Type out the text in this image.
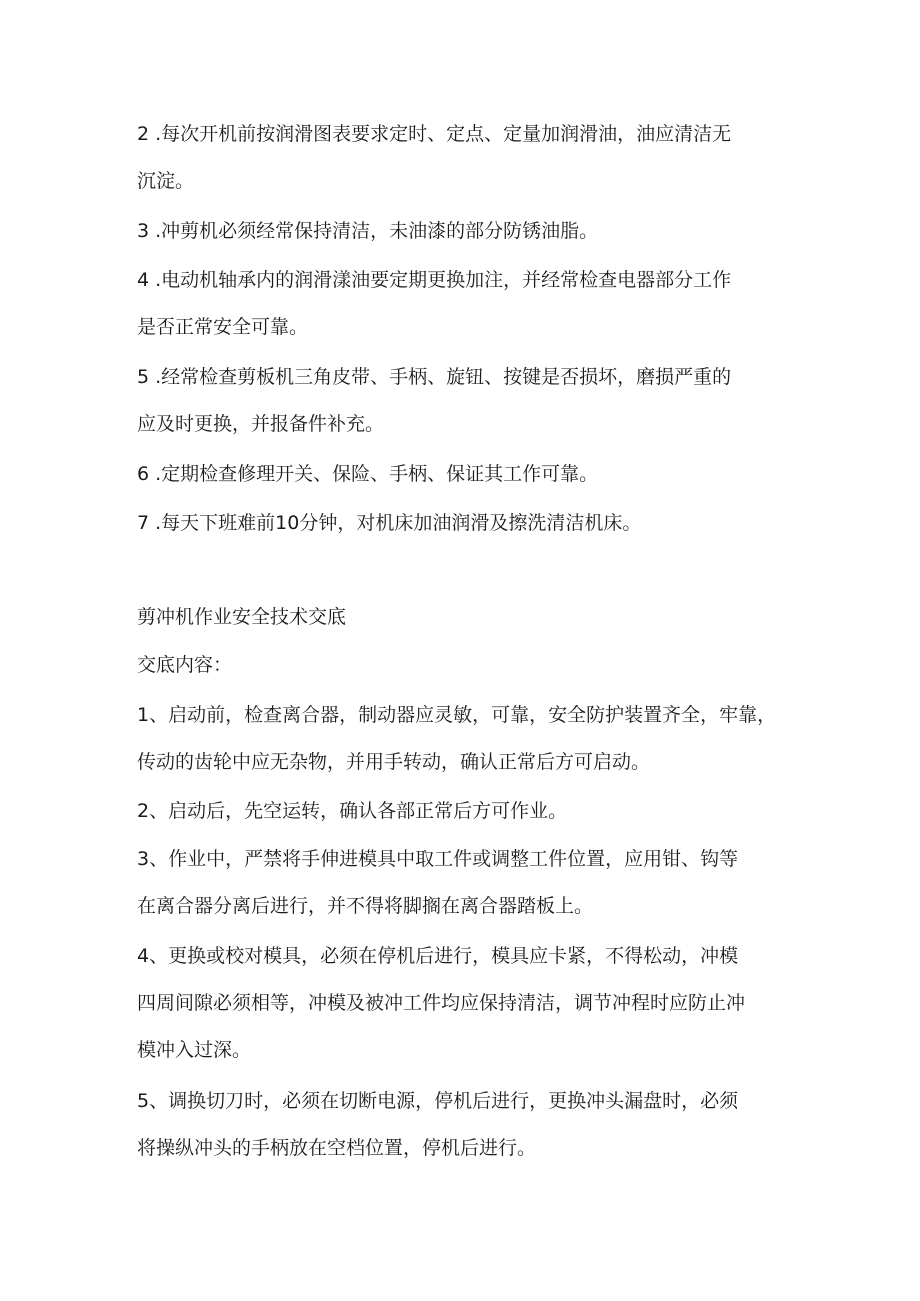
2 .每次开机前按润滑图表要求定时、定点、定量加润滑油，油应清洁无
沉淀。

3 .冲剪机必须经常保持清洁，未油漆的部分防锈油脂。

4 .电动机轴承内的润滑漾油要定期更换加注，并经常检查电器部分工作
是否正常安全可靠。

5 .经常检查剪板机三角皮带、手柄、旋钮、按键是否损坏，磨损严重的
应及时更换，并报备件补充。

6 .定期检查修理开关、保险、手柄、保证其工作可靠。

7 .每天下班难前10分钟，对机床加油润滑及擦洗清洁机床。

剪冲机作业安全技术交底

交底内容：

1、启动前，检查离合器，制动器应灵敏，可靠，安全防护装置齐全，牢靠，
传动的齿轮中应无杂物，并用手转动，确认正常后方可启动。

2、启动后，先空运转，确认各部正常后方可作业。

3、作业中，严禁将手伸进模具中取工件或调整工件位置，应用钳、钩等
在离合器分离后进行，并不得将脚搁在离合器踏板上。

4、更换或校对模具，必须在停机后进行，模具应卡紧，不得松动，冲模
四周间隙必须相等，冲模及被冲工件均应保持清洁，调节冲程时应防止冲
模冲入过深。

5、调换切刀时，必须在切断电源，停机后进行，更换冲头漏盘时，必须
将操纵冲头的手柄放在空档位置，停机后进行。
